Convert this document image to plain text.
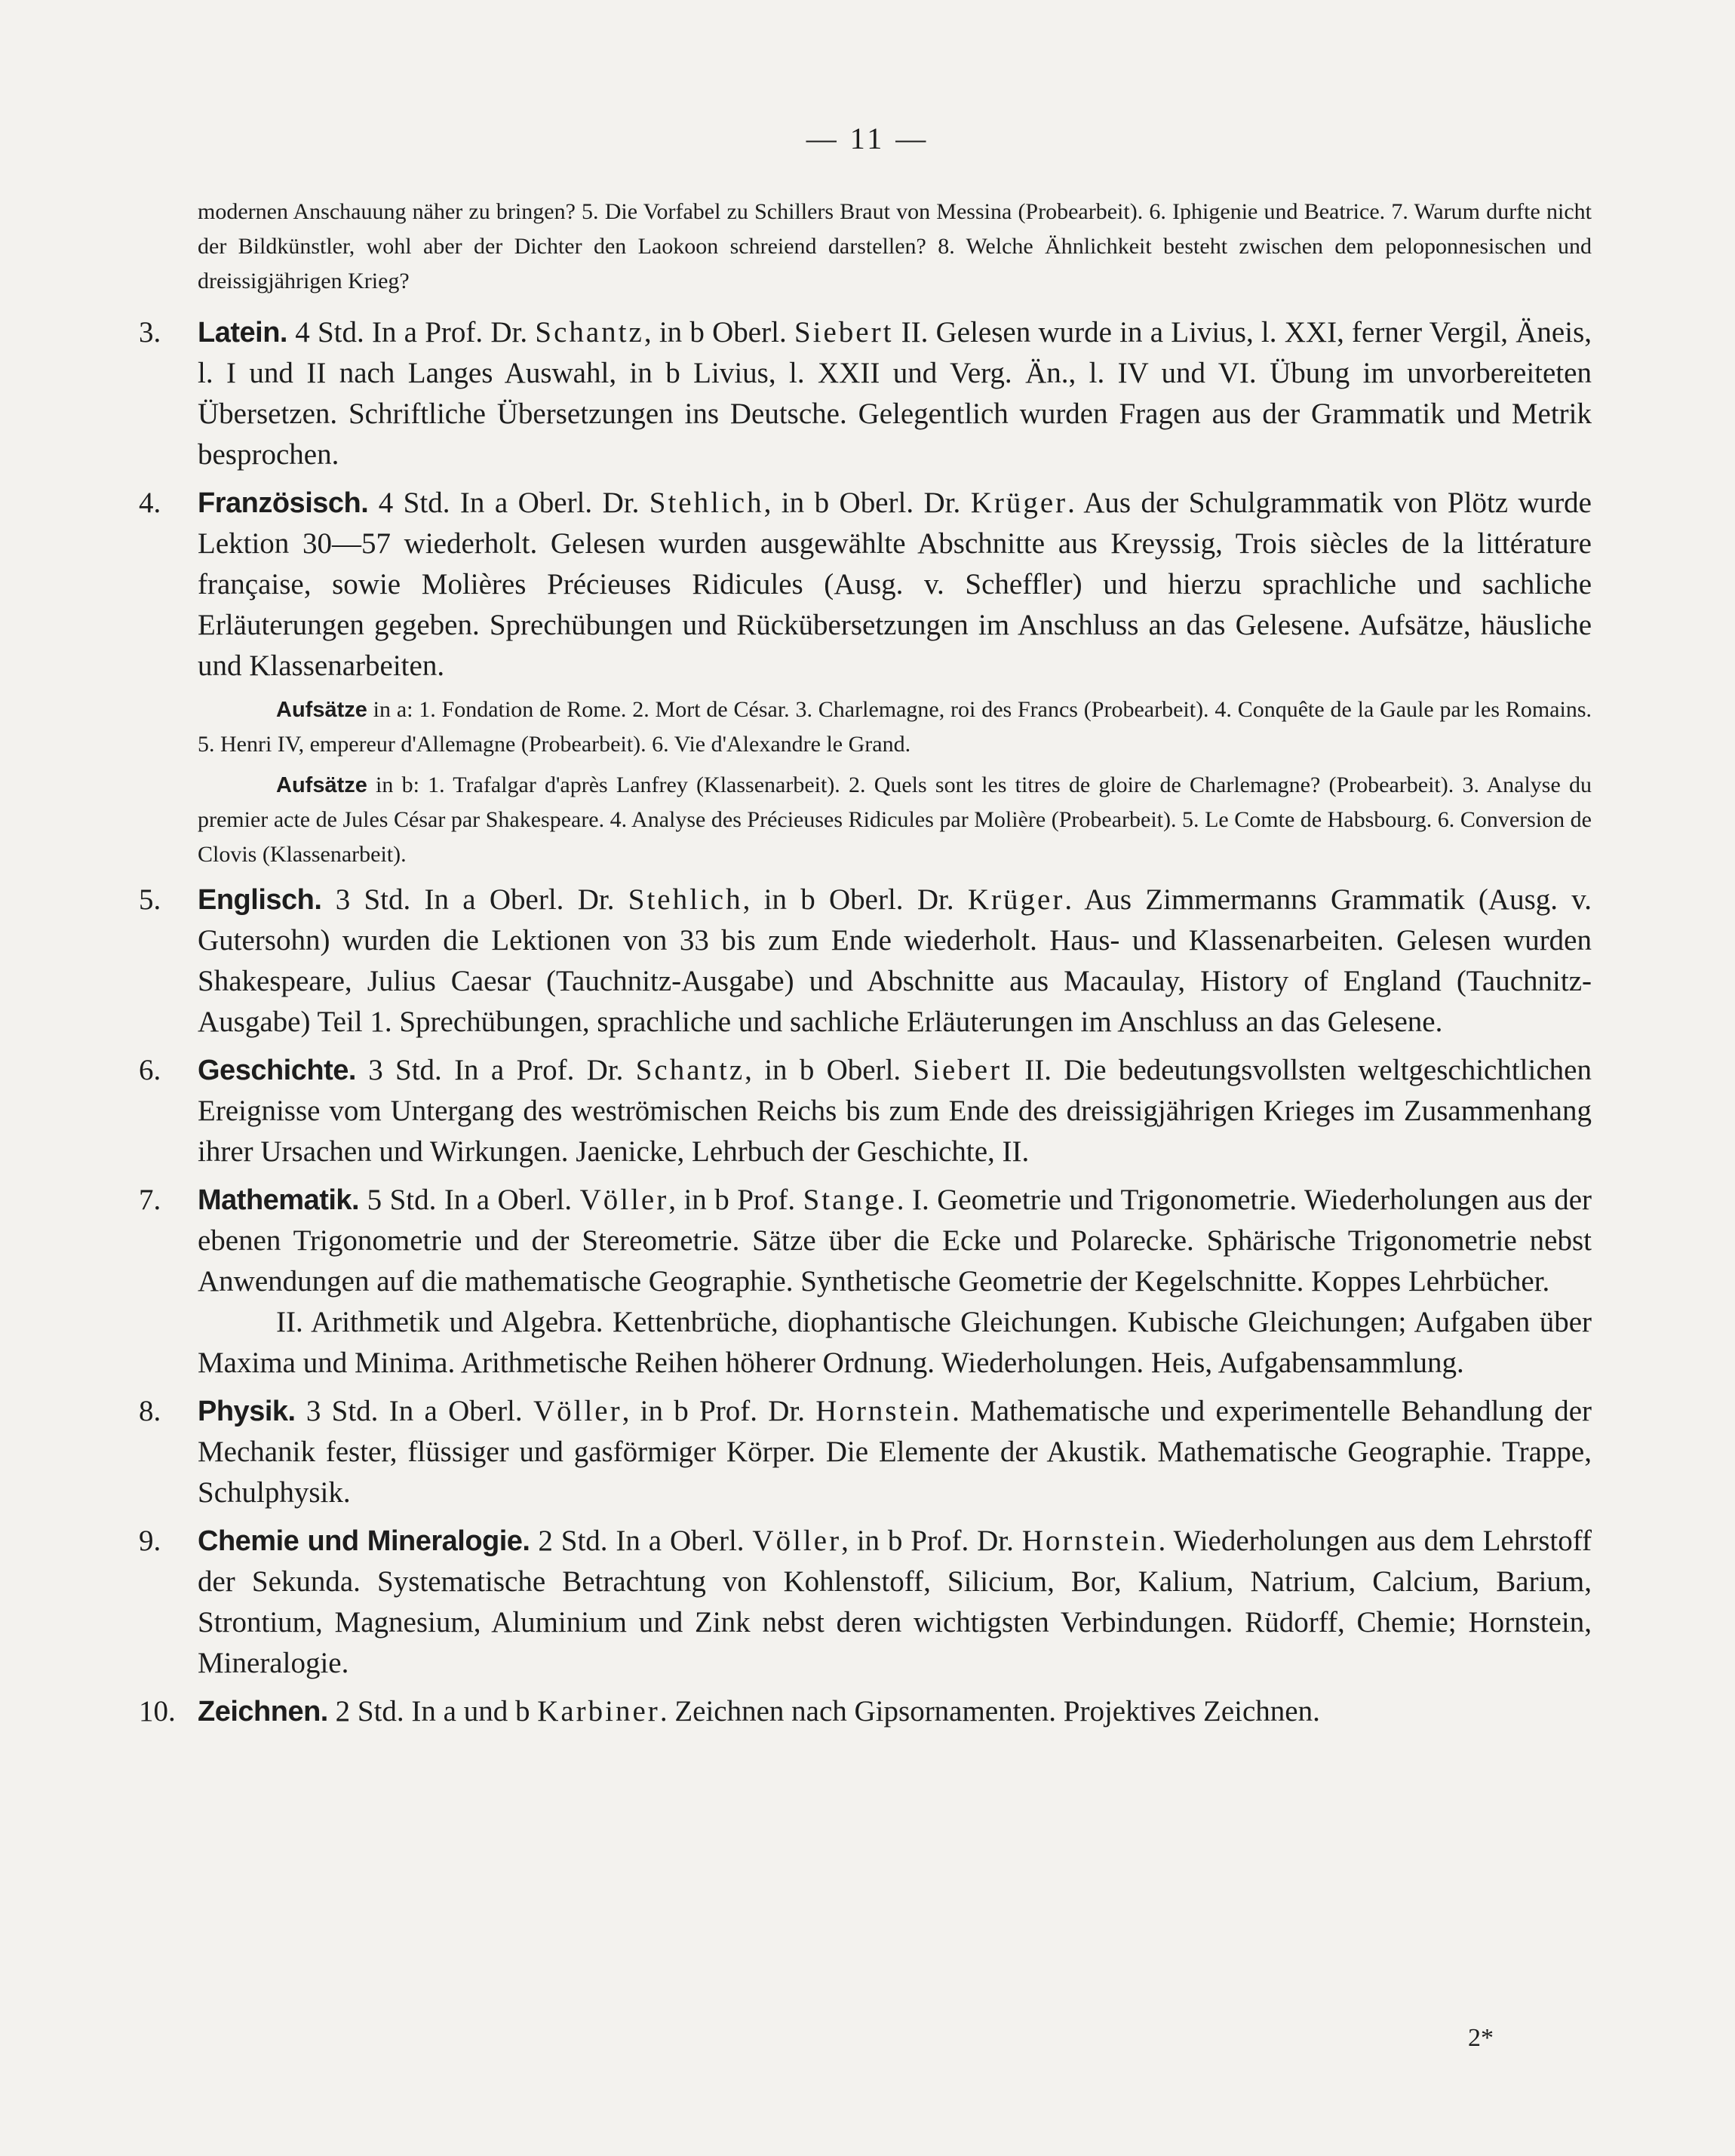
— 11 —

modernen Anschauung näher zu bringen? 5. Die Vorfabel zu Schillers Braut von Messina (Probearbeit). 6. Iphigenie und Beatrice. 7. Warum durfte nicht der Bildkünstler, wohl aber der Dichter den Laokoon schreiend darstellen? 8. Welche Ähnlichkeit besteht zwischen dem peloponnesischen und dreissigjährigen Krieg?

3.	Latein. 4 Std. In a Prof. Dr. Schantz, in b Oberl. Siebert II. Gelesen wurde in a Livius, l. XXI, ferner Vergil, Äneis, l. I und II nach Langes Auswahl, in b Livius, l. XXII und Verg. Än., l. IV und VI. Übung im unvorbereiteten Übersetzen. Schriftliche Übersetzungen ins Deutsche. Gelegentlich wurden Fragen aus der Grammatik und Metrik besprochen.
4.	Französisch. 4 Std. In a Oberl. Dr. Stehlich, in b Oberl. Dr. Krüger. Aus der Schulgrammatik von Plötz wurde Lektion 30—57 wiederholt. Gelesen wurden ausgewählte Abschnitte aus Kreyssig, Trois siècles de la littérature française, sowie Molières Précieuses Ridicules (Ausg. v. Scheffler) und hierzu sprachliche und sachliche Erläuterungen gegeben. Sprechübungen und Rückübersetzungen im Anschluss an das Gelesene. Aufsätze, häusliche und Klassenarbeiten.

Aufsätze in a: 1. Fondation de Rome. 2. Mort de César. 3. Charlemagne, roi des Francs (Probearbeit). 4. Conquête de la Gaule par les Romains. 5. Henri IV, empereur d'Allemagne (Probearbeit). 6. Vie d'Alexandre le Grand.

Aufsätze in b: 1. Trafalgar d'après Lanfrey (Klassenarbeit). 2. Quels sont les titres de gloire de Charlemagne? (Probearbeit). 3. Analyse du premier acte de Jules César par Shakespeare. 4. Analyse des Précieuses Ridicules par Molière (Probearbeit). 5. Le Comte de Habsbourg. 6. Conversion de Clovis (Klassenarbeit).

5.	Englisch. 3 Std. In a Oberl. Dr. Stehlich, in b Oberl. Dr. Krüger. Aus Zimmermanns Grammatik (Ausg. v. Gutersohn) wurden die Lektionen von 33 bis zum Ende wiederholt. Haus- und Klassenarbeiten. Gelesen wurden Shakespeare, Julius Caesar (Tauchnitz-Ausgabe) und Abschnitte aus Macaulay, History of England (Tauchnitz-Ausgabe) Teil 1. Sprechübungen, sprachliche und sachliche Erläuterungen im Anschluss an das Gelesene.
6.	Geschichte. 3 Std. In a Prof. Dr. Schantz, in b Oberl. Siebert II. Die bedeutungsvollsten weltgeschichtlichen Ereignisse vom Untergang des weströmischen Reichs bis zum Ende des dreissigjährigen Krieges im Zusammenhang ihrer Ursachen und Wirkungen. Jaenicke, Lehrbuch der Geschichte, II.
7.	Mathematik. 5 Std. In a Oberl. Völler, in b Prof. Stange. I. Geometrie und Trigonometrie. Wiederholungen aus der ebenen Trigonometrie und der Stereometrie. Sätze über die Ecke und Polarecke. Sphärische Trigonometrie nebst Anwendungen auf die mathematische Geographie. Synthetische Geometrie der Kegelschnitte. Koppes Lehrbücher.
II. Arithmetik und Algebra. Kettenbrüche, diophantische Gleichungen. Kubische Gleichungen; Aufgaben über Maxima und Minima. Arithmetische Reihen höherer Ordnung. Wiederholungen. Heis, Aufgabensammlung.
8.	Physik. 3 Std. In a Oberl. Völler, in b Prof. Dr. Hornstein. Mathematische und experimentelle Behandlung der Mechanik fester, flüssiger und gasförmiger Körper. Die Elemente der Akustik. Mathematische Geographie. Trappe, Schulphysik.
9.	Chemie und Mineralogie. 2 Std. In a Oberl. Völler, in b Prof. Dr. Hornstein. Wiederholungen aus dem Lehrstoff der Sekunda. Systematische Betrachtung von Kohlenstoff, Silicium, Bor, Kalium, Natrium, Calcium, Barium, Strontium, Magnesium, Aluminium und Zink nebst deren wichtigsten Verbindungen. Rüdorff, Chemie; Hornstein, Mineralogie.
10. Zeichnen. 2 Std. In a und b Karbiner. Zeichnen nach Gipsornamenten. Projektives Zeichnen.
2*
